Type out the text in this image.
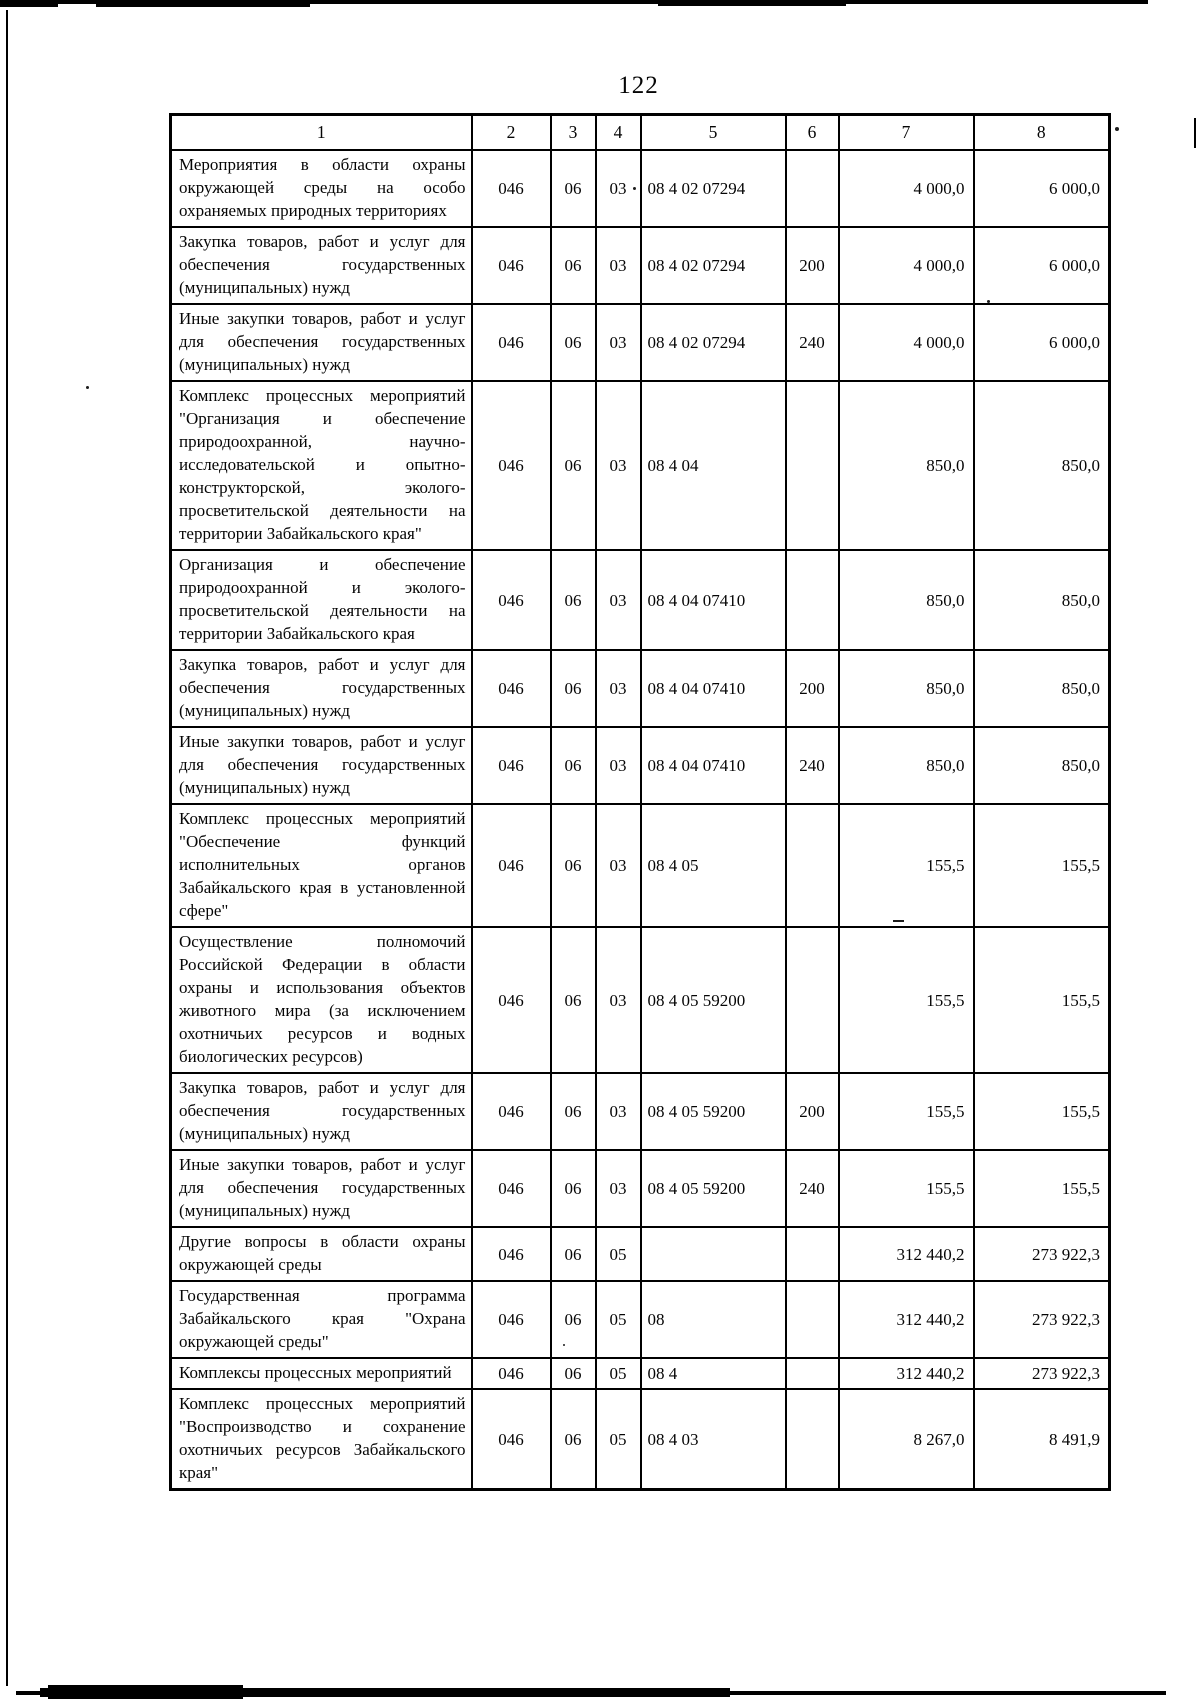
122
1	2	3	4	5	6	7	8
Мероприятия в области охраны окружающей среды на особо охраняемых природных территориях	046	06	03	08 4 02 07294		4 000,0	6 000,0
Закупка товаров, работ и услуг для обеспечения государственных (муниципальных) нужд	046	06	03	08 4 02 07294	200	4 000,0	6 000,0
Иные закупки товаров, работ и услуг для обеспечения государственных (муниципальных) нужд	046	06	03	08 4 02 07294	240	4 000,0	6 000,0
Комплекс процессных мероприятий "Организация и обеспечение природоохранной, научно-исследовательской и опытно-конструкторской, эколого-просветительской деятельности на территории Забайкальского края"	046	06	03	08 4 04		850,0	850,0
Организация и обеспечение природоохранной и эколого-просветительской деятельности на территории Забайкальского края	046	06	03	08 4 04 07410		850,0	850,0
Закупка товаров, работ и услуг для обеспечения государственных (муниципальных) нужд	046	06	03	08 4 04 07410	200	850,0	850,0
Иные закупки товаров, работ и услуг для обеспечения государственных (муниципальных) нужд	046	06	03	08 4 04 07410	240	850,0	850,0
Комплекс процессных мероприятий "Обеспечение функций исполнительных органов Забайкальского края в установленной сфере"	046	06	03	08 4 05		155,5	155,5
Осуществление полномочий Российской Федерации в области охраны и использования объектов животного мира (за исключением охотничьих ресурсов и водных биологических ресурсов)	046	06	03	08 4 05 59200		155,5	155,5
Закупка товаров, работ и услуг для обеспечения государственных (муниципальных) нужд	046	06	03	08 4 05 59200	200	155,5	155,5
Иные закупки товаров, работ и услуг для обеспечения государственных (муниципальных) нужд	046	06	03	08 4 05 59200	240	155,5	155,5
Другие вопросы в области охраны окружающей среды	046	06	05			312 440,2	273 922,3
Государственная программа Забайкальского края "Охрана окружающей среды"	046	06	05	08		312 440,2	273 922,3
Комплексы процессных мероприятий	046	06	05	08 4		312 440,2	273 922,3
Комплекс процессных мероприятий "Воспроизводство и сохранение охотничьих ресурсов Забайкальского края"	046	06	05	08 4 03		8 267,0	8 491,9
